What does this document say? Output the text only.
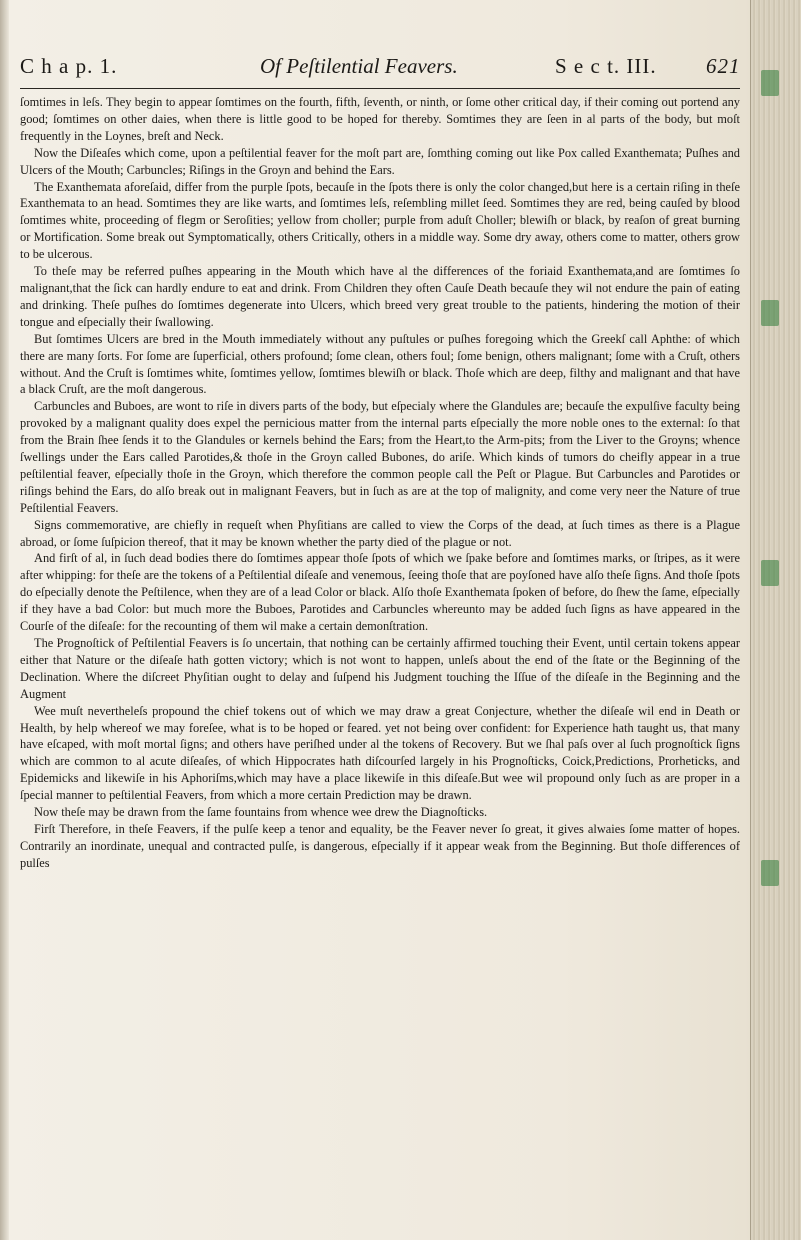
C h a p. 1.	Of Peſtilential Feavers.	S e c t. III. 621

ſomtimes in leſs. They begin to appear ſomtimes on the fourth, fifth, ſeventh, or ninth, or ſome other critical day, if their coming out portend any good; ſomtimes on other daies, when there is little good to be hoped for thereby. Somtimes they are ſeen in al parts of the body, but moſt frequently in the Loynes, breſt and Neck.

Now the Diſeaſes which come, upon a peſtilential feaver for the moſt part are, ſomthing coming out like Pox called Exanthemata; Puſhes and Ulcers of the Mouth; Carbuncles; Riſings in the Groyn and behind the Ears.

The Exanthemata aforeſaid, differ from the purple ſpots, becauſe in the ſpots there is only the color changed,but here is a certain riſing in theſe Exanthemata to an head. Somtimes they are like warts, and ſomtimes leſs, reſembling millet ſeed. Somtimes they are red, being cauſed by blood ſomtimes white, proceeding of flegm or Seroſities; yellow from choller; purple from aduſt Choller; blewiſh or black, by reaſon of great burning or Mortification. Some break out Symptomatically, others Critically, others in a middle way. Some dry away, others come to matter, others grow to be ulcerous.

To theſe may be referred puſhes appearing in the Mouth which have al the differences of the foriaid Exanthemata,and are ſomtimes ſo malignant,that the ſick can hardly endure to eat and drink. From Children they often Cauſe Death becauſe they wil not endure the pain of eating and drinking. Theſe puſhes do ſomtimes degenerate into Ulcers, which breed very great trouble to the patients, hindering the motion of their tongue and eſpecially their ſwallowing.

But ſomtimes Ulcers are bred in the Mouth immediately without any puſtules or puſhes foregoing which the Greekſ call Aphthe: of which there are many ſorts. For ſome are ſuperficial, others profound; ſome clean, others foul; ſome benign, others malignant; ſome with a Cruſt, others without. And the Cruſt is ſomtimes white, ſomtimes yellow, ſomtimes blewiſh or black. Thoſe which are deep, filthy and malignant and that have a black Cruſt, are the moſt dangerous.

Carbuncles and Buboes, are wont to riſe in divers parts of the body, but eſpecialy where the Glandules are; becauſe the expulſive faculty being provoked by a malignant quality does expel the pernicious matter from the internal parts eſpecially the more noble ones to the external: ſo that from the Brain ſhee ſends it to the Glandules or kernels behind the Ears; from the Heart,to the Arm-pits; from the Liver to the Groyns; whence ſwellings under the Ears called Parotides,& thoſe in the Groyn called Bubones, do ariſe. Which kinds of tumors do cheifly appear in a true peſtilential feaver, eſpecially thoſe in the Groyn, which therefore the common people call the Peſt or Plague. But Carbuncles and Parotides or riſings behind the Ears, do alſo break out in malignant Feavers, but in ſuch as are at the top of malignity, and come very neer the Nature of true Peſtilential Feavers.

Signs commemorative, are chiefly in requeſt when Phyſitians are called to view the Corps of the dead, at ſuch times as there is a Plague abroad, or ſome ſuſpicion thereof, that it may be known whether the party died of the plague or not.

And firſt of al, in ſuch dead bodies there do ſomtimes appear thoſe ſpots of which we ſpake before and ſomtimes marks, or ſtripes, as it were after whipping: for theſe are the tokens of a Peſtilential diſeaſe and venemous, ſeeing thoſe that are poyſoned have alſo theſe ſigns. And thoſe ſpots do eſpecially denote the Peſtilence, when they are of a lead Color or black. Alſo thoſe Exanthemata ſpoken of before, do ſhew the ſame, eſpecially if they have a bad Color: but much more the Buboes, Parotides and Carbuncles whereunto may be added ſuch ſigns as have appeared in the Courſe of the diſeaſe: for the recounting of them wil make a certain demonſtration.

The Prognoſtick of Peſtilential Feavers is ſo uncertain, that nothing can be certainly affirmed touching their Event, until certain tokens appear either that Nature or the diſeaſe hath gotten victory; which is not wont to happen, unleſs about the end of the ſtate or the Beginning of the Declination. Where the diſcreet Phyſitian ought to delay and ſuſpend his Judgment touching the Iſſue of the diſeaſe in the Beginning and the Augment

Wee muſt nevertheleſs propound the chief tokens out of which we may draw a great Conjecture, whether the diſeaſe wil end in Death or Health, by help whereof we may foreſee, what is to be hoped or feared. yet not being over confident: for Experience hath taught us, that many have eſcaped, with moſt mortal ſigns; and others have periſhed under al the tokens of Recovery. But we ſhal paſs over al ſuch prognoſtick ſigns which are common to al acute diſeaſes, of which Hippocrates hath diſcourſed largely in his Prognoſticks, Coick,Predictions, Prorheticks, and Epidemicks and likewiſe in his Aphoriſms,which may have a place likewiſe in this diſeaſe.But wee wil propound only ſuch as are proper in a ſpecial manner to peſtilential Feavers, from which a more certain Prediction may be drawn.

Now theſe may be drawn from the ſame fountains from whence wee drew the Diagnoſticks.

Firſt Therefore, in theſe Feavers, if the pulſe keep a tenor and equality, be the Feaver never ſo great, it gives alwaies ſome matter of hopes. Contrarily an inordinate, unequal and contracted pulſe, is dangerous, eſpecially if it appear weak from the Beginning. But thoſe differences of pulſes
